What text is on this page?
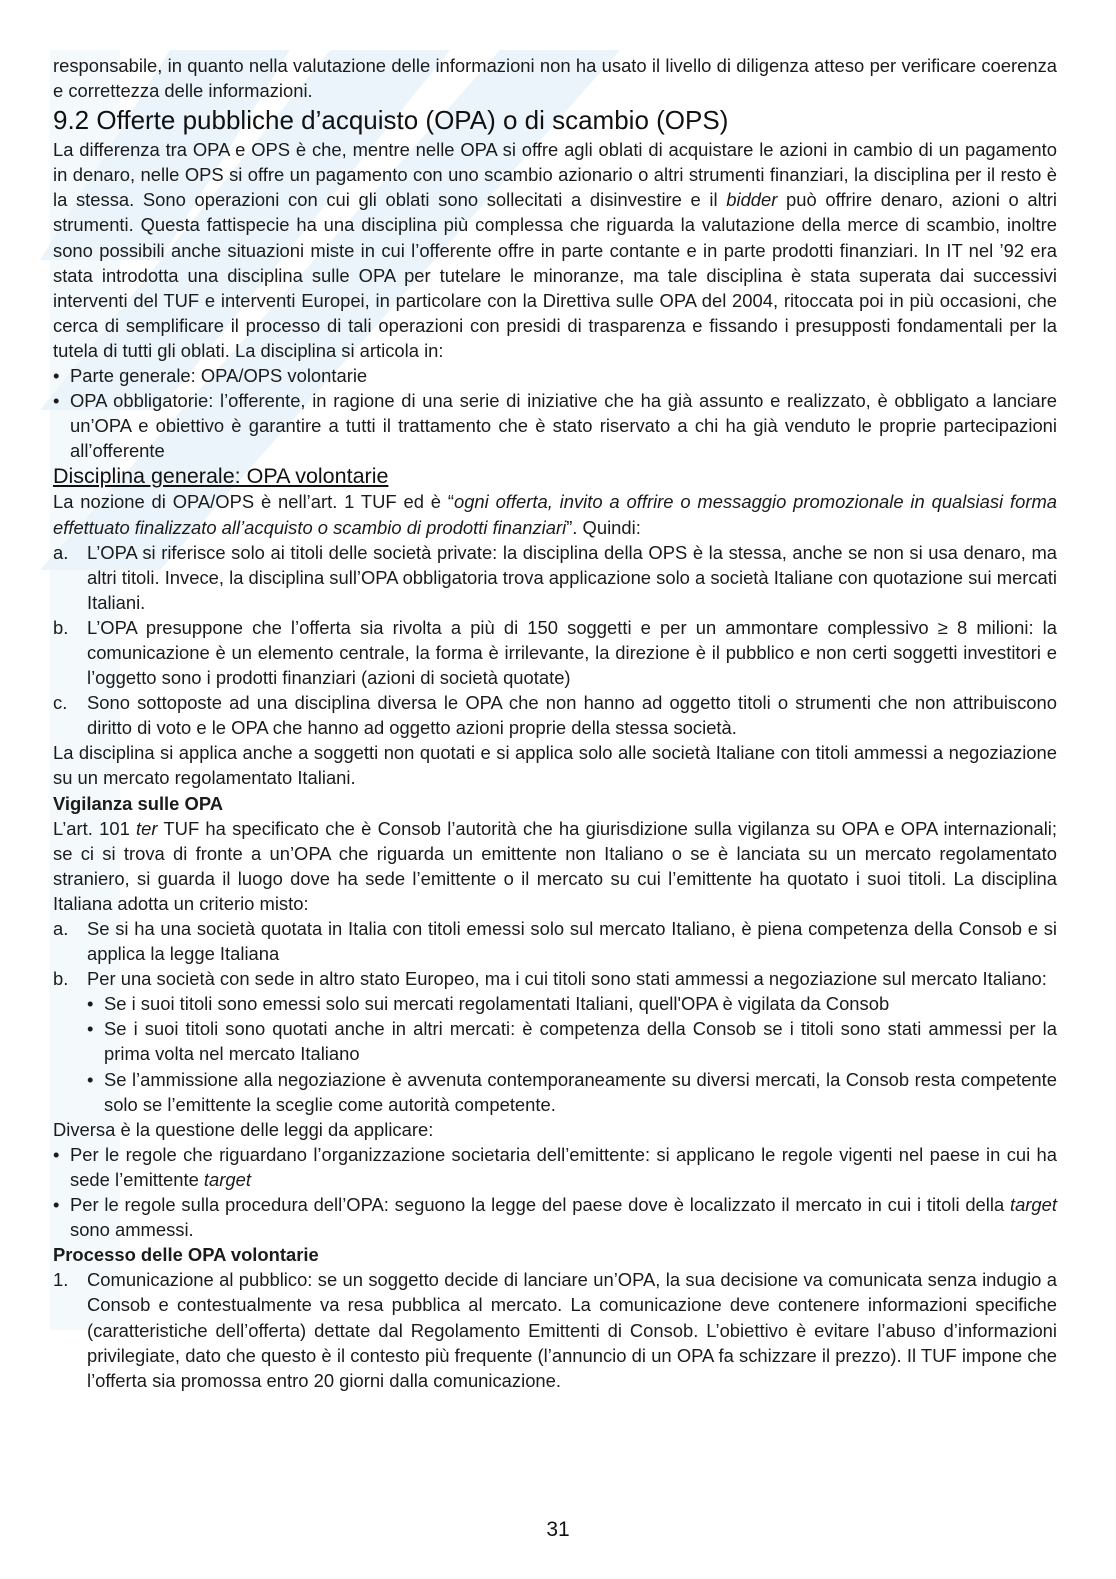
responsabile, in quanto nella valutazione delle informazioni non ha usato il livello di diligenza atteso per verificare coerenza e correttezza delle informazioni.

9.2 Offerte pubbliche d’acquisto (OPA) o di scambio (OPS)

La differenza tra OPA e OPS è che, mentre nelle OPA si offre agli oblati di acquistare le azioni in cambio di un pagamento in denaro, nelle OPS si offre un pagamento con uno scambio azionario o altri strumenti finanziari, la disciplina per il resto è la stessa. Sono operazioni con cui gli oblati sono sollecitati a disinvestire e il bidder può offrire denaro, azioni o altri strumenti. Questa fattispecie ha una disciplina più complessa che riguarda la valutazione della merce di scambio, inoltre sono possibili anche situazioni miste in cui l’offerente offre in parte contante e in parte prodotti finanziari. In IT nel ’92 era stata introdotta una disciplina sulle OPA per tutelare le minoranze, ma tale disciplina è stata superata dai successivi interventi del TUF e interventi Europei, in particolare con la Direttiva sulle OPA del 2004, ritoccata poi in più occasioni, che cerca di semplificare il processo di tali operazioni con presidi di trasparenza e fissando i presupposti fondamentali per la tutela di tutti gli oblati. La disciplina si articola in:

• Parte generale: OPA/OPS volontarie
• OPA obbligatorie: l’offerente, in ragione di una serie di iniziative che ha già assunto e realizzato, è obbligato a lanciare un’OPA e obiettivo è garantire a tutti il trattamento che è stato riservato a chi ha già venduto le proprie partecipazioni all’offerente
Disciplina generale: OPA volontarie

La nozione di OPA/OPS è nell’art. 1 TUF ed è “ogni offerta, invito a offrire o messaggio promozionale in qualsiasi forma effettuato finalizzato all’acquisto o scambio di prodotti finanziari”. Quindi:

a.	L’OPA si riferisce solo ai titoli delle società private: la disciplina della OPS è la stessa, anche se non si usa denaro, ma altri titoli. Invece, la disciplina sull’OPA obbligatoria trova applicazione solo a società Italiane con quotazione sui mercati Italiani.
b.	L’OPA presuppone che l’offerta sia rivolta a più di 150 soggetti e per un ammontare complessivo ≥ 8 milioni: la comunicazione è un elemento centrale, la forma è irrilevante, la direzione è il pubblico e non certi soggetti investitori e l’oggetto sono i prodotti finanziari (azioni di società quotate)
c.	Sono sottoposte ad una disciplina diversa le OPA che non hanno ad oggetto titoli o strumenti che non attribuiscono diritto di voto e le OPA che hanno ad oggetto azioni proprie della stessa società.

La disciplina si applica anche a soggetti non quotati e si applica solo alle società Italiane con titoli ammessi a negoziazione su un mercato regolamentato Italiani.

Vigilanza sulle OPA

L’art. 101 ter TUF ha specificato che è Consob l’autorità che ha giurisdizione sulla vigilanza su OPA e OPA internazionali; se ci si trova di fronte a un’OPA che riguarda un emittente non Italiano o se è lanciata su un mercato regolamentato straniero, si guarda il luogo dove ha sede l’emittente o il mercato su cui l’emittente ha quotato i suoi titoli. La disciplina Italiana adotta un criterio misto:

a.	Se si ha una società quotata in Italia con titoli emessi solo sul mercato Italiano, è piena competenza della Consob e si applica la legge Italiana
b.	Per una società con sede in altro stato Europeo, ma i cui titoli sono stati ammessi a negoziazione sul mercato Italiano:
• Se i suoi titoli sono emessi solo sui mercati regolamentati Italiani, quell'OPA è vigilata da Consob
• Se i suoi titoli sono quotati anche in altri mercati: è competenza della Consob se i titoli sono stati ammessi per la prima volta nel mercato Italiano
• Se l’ammissione alla negoziazione è avvenuta contemporaneamente su diversi mercati, la Consob resta competente solo se l’emittente la sceglie come autorità competente.

Diversa è la questione delle leggi da applicare:

• Per le regole che riguardano l’organizzazione societaria dell’emittente: si applicano le regole vigenti nel paese in cui ha sede l’emittente target
• Per le regole sulla procedura dell’OPA: seguono la legge del paese dove è localizzato il mercato in cui i titoli della target sono ammessi.
Processo delle OPA volontarie
1.	Comunicazione al pubblico: se un soggetto decide di lanciare un’OPA, la sua decisione va comunicata senza indugio a Consob e contestualmente va resa pubblica al mercato. La comunicazione deve contenere informazioni specifiche (caratteristiche dell’offerta) dettate dal Regolamento Emittenti di Consob. L’obiettivo è evitare l’abuso d’informazioni privilegiate, dato che questo è il contesto più frequente (l’annuncio di un OPA fa schizzare il prezzo). Il TUF impone che l’offerta sia promossa entro 20 giorni dalla comunicazione.
31
